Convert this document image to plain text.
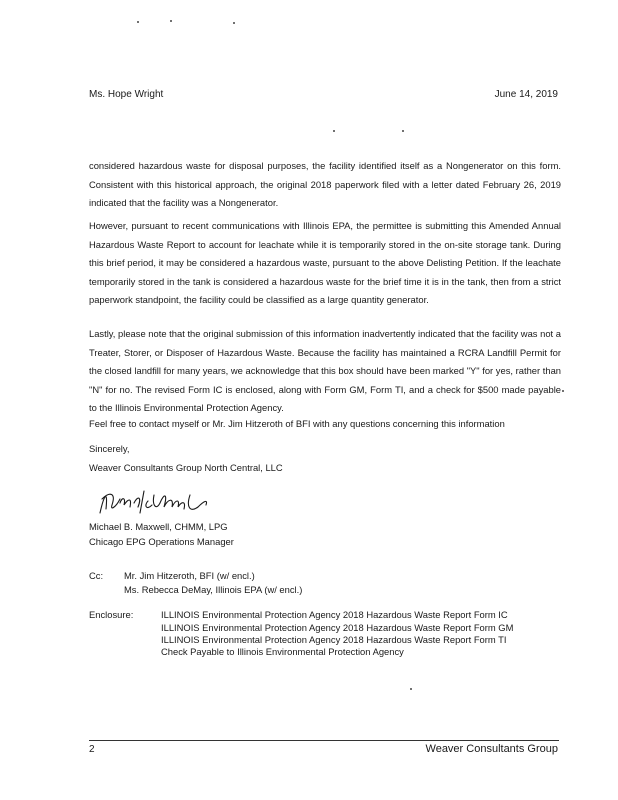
Ms. Hope Wright	June 14, 2019
considered hazardous waste for disposal purposes, the facility identified itself as a Nongenerator on this form. Consistent with this historical approach, the original 2018 paperwork filed with a letter dated February 26, 2019 indicated that the facility was a Nongenerator.
However, pursuant to recent communications with Illinois EPA, the permittee is submitting this Amended Annual Hazardous Waste Report to account for leachate while it is temporarily stored in the on-site storage tank. During this brief period, it may be considered a hazardous waste, pursuant to the above Delisting Petition. If the leachate temporarily stored in the tank is considered a hazardous waste for the brief time it is in the tank, then from a strict paperwork standpoint, the facility could be classified as a large quantity generator.
Lastly, please note that the original submission of this information inadvertently indicated that the facility was not a Treater, Storer, or Disposer of Hazardous Waste. Because the facility has maintained a RCRA Landfill Permit for the closed landfill for many years, we acknowledge that this box should have been marked "Y" for yes, rather than "N" for no. The revised Form IC is enclosed, along with Form GM, Form TI, and a check for $500 made payable to the Illinois Environmental Protection Agency.
Feel free to contact myself or Mr. Jim Hitzeroth of BFI with any questions concerning this information
Sincerely,
Weaver Consultants Group North Central, LLC
Michael B. Maxwell, CHMM, LPG
Chicago EPG Operations Manager
Cc: Mr. Jim Hitzeroth, BFI (w/ encl.)
Ms. Rebecca DeMay, Illinois EPA (w/ encl.)
Enclosure:	ILLINOIS Environmental Protection Agency 2018 Hazardous Waste Report Form IC
ILLINOIS Environmental Protection Agency 2018 Hazardous Waste Report Form GM
ILLINOIS Environmental Protection Agency 2018 Hazardous Waste Report Form TI
Check Payable to Illinois Environmental Protection Agency
2	Weaver Consultants Group
